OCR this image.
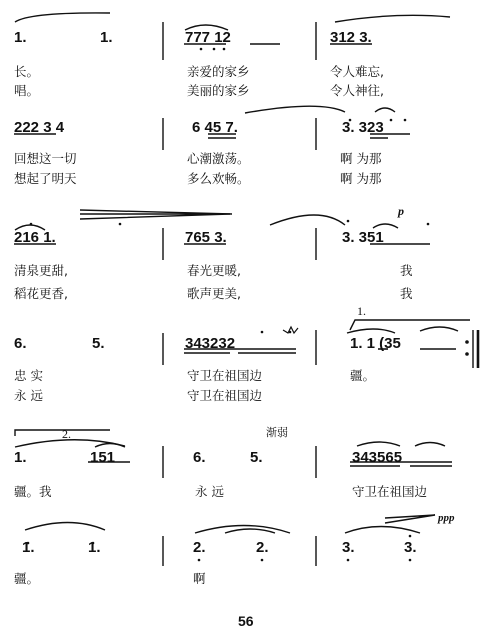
1.	1.	777 12	312 3.
长。	亲爱的家乡	令人难忘,
唱。	美丽的家乡	令人神往,
222 3 4	6 45 7.	3. 323
回想这一切	心潮激荡。	啊 为那
想起了明天	多么欢畅。	啊 为那
p
216 1.	765 3.	3. 351
清泉更甜,	春光更暖,	我
稻花更香,	歌声更美,	我
1.
6.	5.	343232	1. 1 (35
忠 实	守卫在祖国边	疆。
永 远	守卫在祖国边
2.	渐弱
1.	151	6.	5.	343565
疆。我	永 远	守卫在祖国边
ppp
1.	1.	2.	2.	3.	3.
疆。	啊
56
